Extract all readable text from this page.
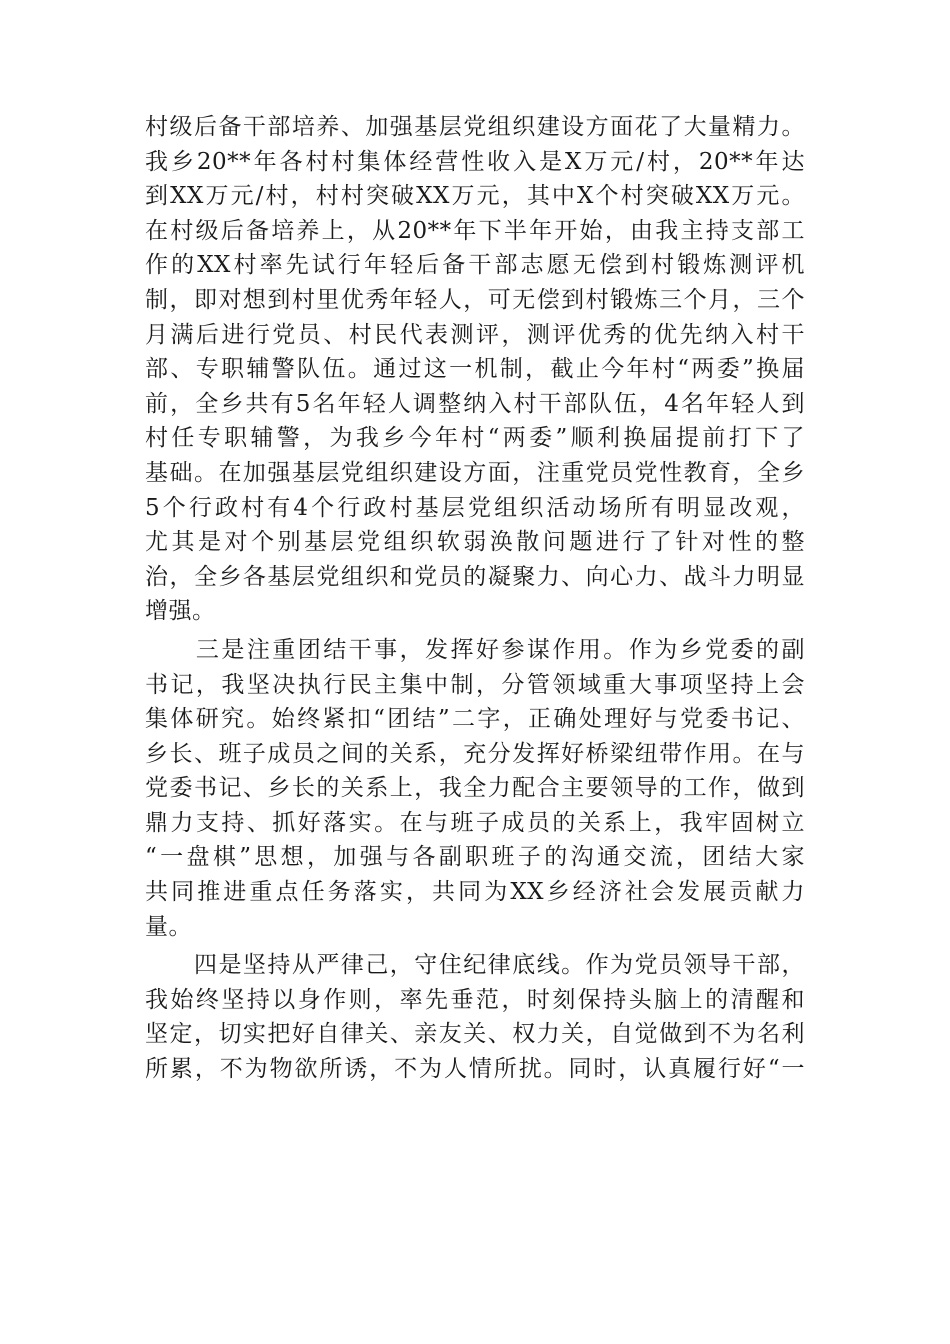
村级后备干部培养、加强基层党组织建设方面花了大量精力。
我乡20**年各村村集体经营性收入是X万元/村，20**年达
到XX万元/村，村村突破XX万元，其中X个村突破XX万元。
在村级后备培养上，从20**年下半年开始，由我主持支部工
作的XX村率先试行年轻后备干部志愿无偿到村锻炼测评机
制，即对想到村里优秀年轻人，可无偿到村锻炼三个月，三个
月满后进行党员、村民代表测评，测评优秀的优先纳入村干
部、专职辅警队伍。通过这一机制，截止今年村“两委”换届
前，全乡共有5名年轻人调整纳入村干部队伍，4名年轻人到
村任专职辅警，为我乡今年村“两委”顺利换届提前打下了
基础。在加强基层党组织建设方面，注重党员党性教育，全乡
5个行政村有4个行政村基层党组织活动场所有明显改观，
尤其是对个别基层党组织软弱涣散问题进行了针对性的整
治，全乡各基层党组织和党员的凝聚力、向心力、战斗力明显
增强。
　　三是注重团结干事，发挥好参谋作用。作为乡党委的副
书记，我坚决执行民主集中制，分管领域重大事项坚持上会
集体研究。始终紧扣“团结”二字，正确处理好与党委书记、
乡长、班子成员之间的关系，充分发挥好桥梁纽带作用。在与
党委书记、乡长的关系上，我全力配合主要领导的工作，做到
鼎力支持、抓好落实。在与班子成员的关系上，我牢固树立
“一盘棋”思想，加强与各副职班子的沟通交流，团结大家
共同推进重点任务落实，共同为XX乡经济社会发展贡献力
量。
　　四是坚持从严律己，守住纪律底线。作为党员领导干部，
我始终坚持以身作则，率先垂范，时刻保持头脑上的清醒和
坚定，切实把好自律关、亲友关、权力关，自觉做到不为名利
所累，不为物欲所诱，不为人情所扰。同时，认真履行好“一
